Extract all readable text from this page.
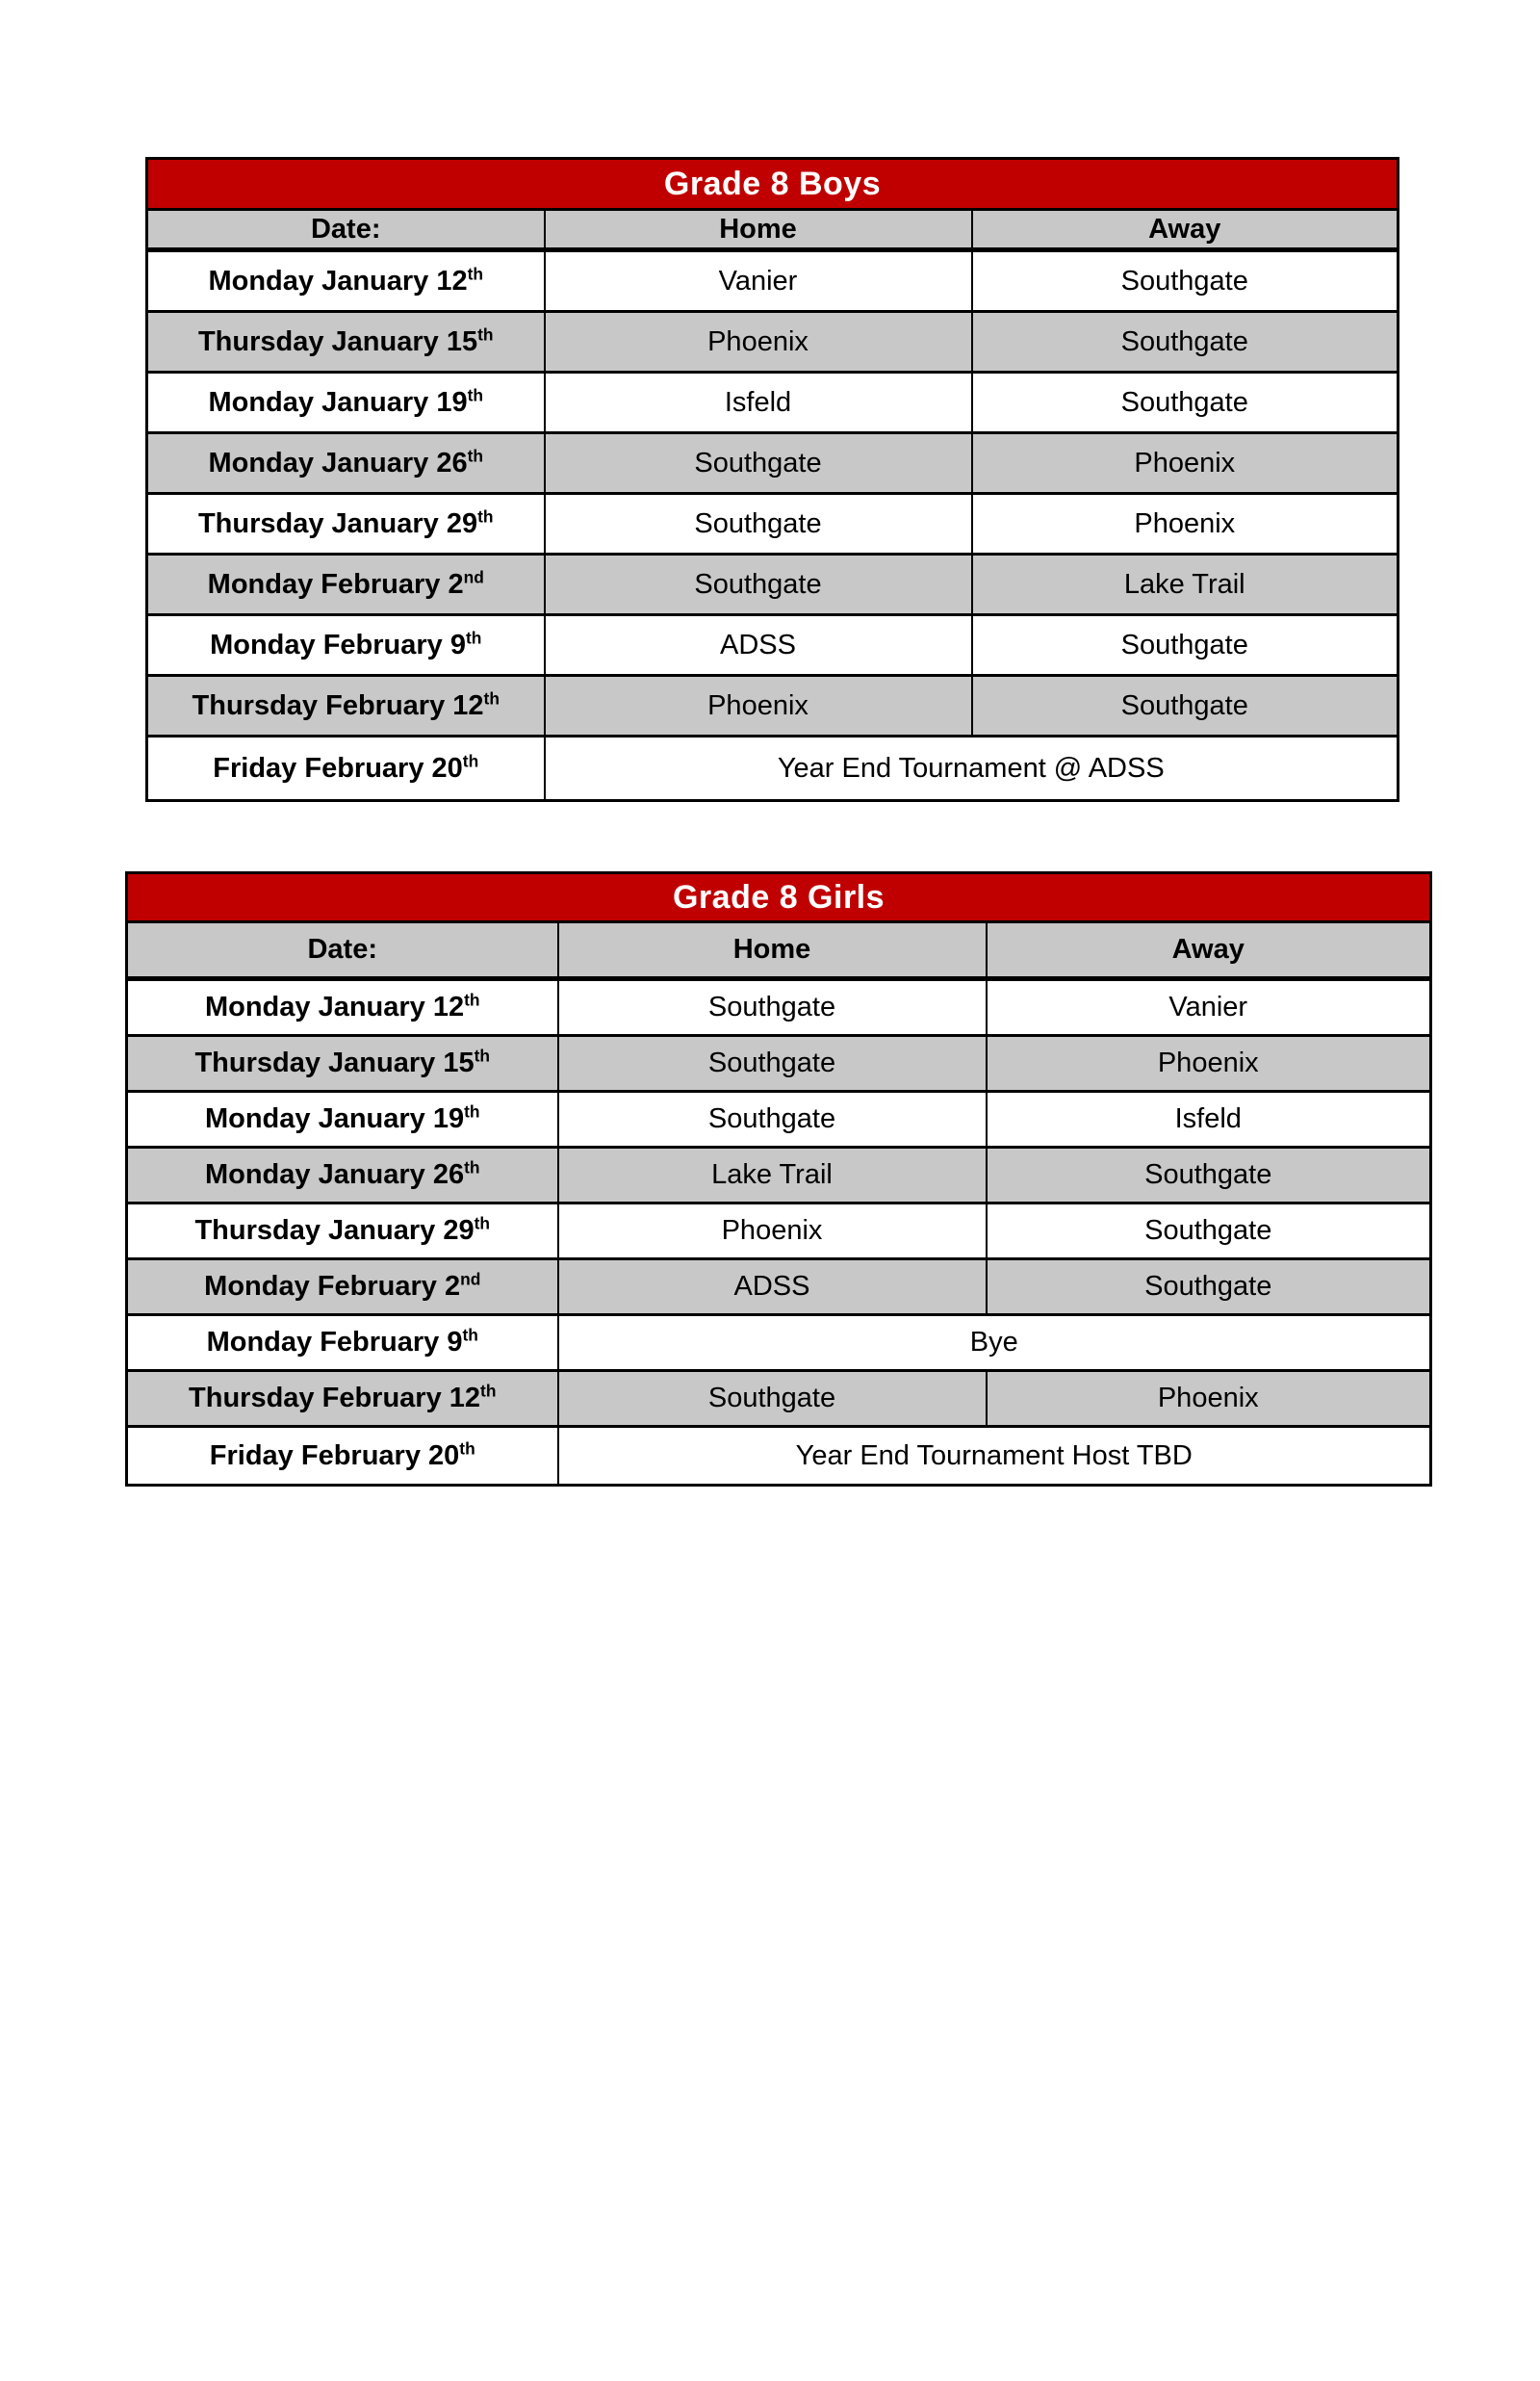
Grade 8 Boys		
Date:	Home	Away
Monday January 12th	Vanier	Southgate
Thursday January 15th	Phoenix	Southgate
Monday January 19th	Isfeld	Southgate
Monday January 26th	Southgate	Phoenix
Thursday January 29th	Southgate	Phoenix
Monday February 2nd	Southgate	Lake Trail
Monday February 9th	ADSS	Southgate
Thursday February 12th	Phoenix	Southgate
Friday February 20th	Year End Tournament @ ADSS	
Grade 8 Girls		
Date:	Home	Away
Monday January 12th	Southgate	Vanier
Thursday January 15th	Southgate	Phoenix
Monday January 19th	Southgate	Isfeld
Monday January 26th	Lake Trail	Southgate
Thursday January 29th	Phoenix	Southgate
Monday February 2nd	ADSS	Southgate
Monday February 9th	Bye	
Thursday February 12th	Southgate	Phoenix
Friday February 20th	Year End Tournament Host TBD	
